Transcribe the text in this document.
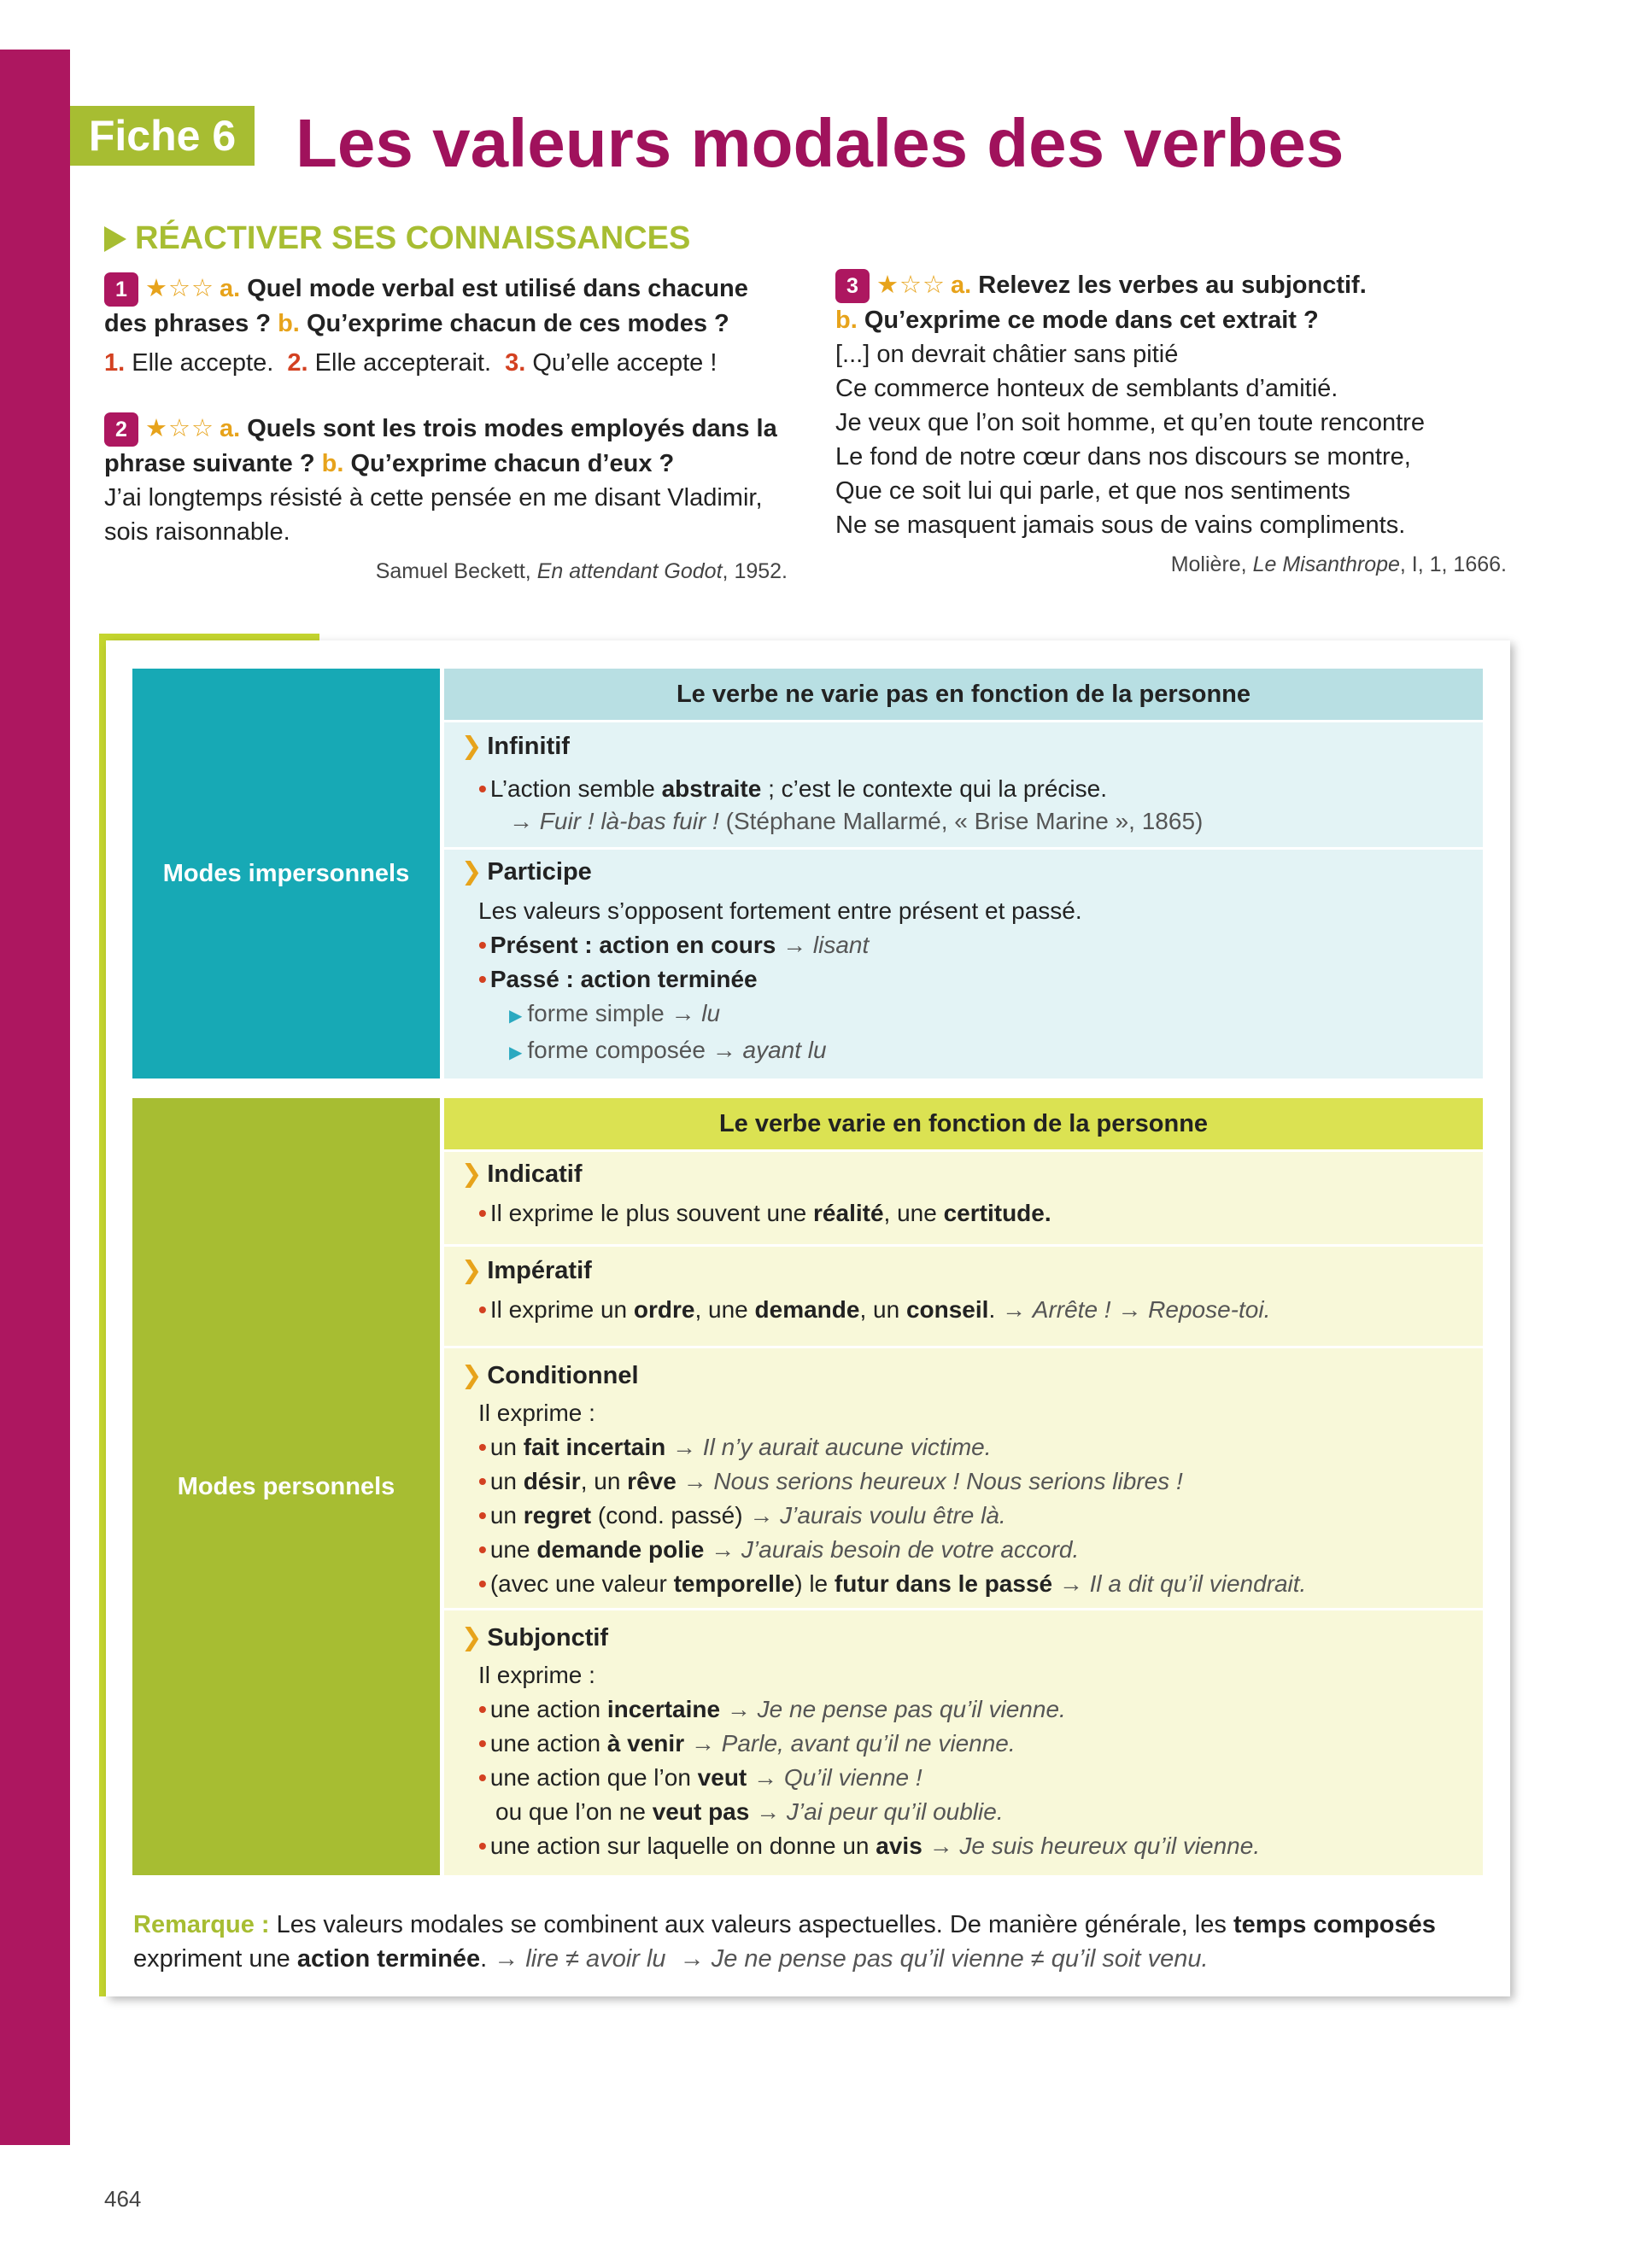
Fiche 6 Les valeurs modales des verbes
RÉACTIVER SES CONNAISSANCES
1 ★☆☆ a. Quel mode verbal est utilisé dans chacune des phrases ? b. Qu’exprime chacun de ces modes ?
1. Elle accepte. 2. Elle accepterait. 3. Qu’elle accepte !
2 ★☆☆ a. Quels sont les trois modes employés dans la phrase suivante ? b. Qu’exprime chacun d’eux ?
J’ai longtemps résisté à cette pensée en me disant Vladimir, sois raisonnable.
Samuel Beckett, En attendant Godot, 1952.
3 ★☆☆ a. Relevez les verbes au subjonctif.
b. Qu’exprime ce mode dans cet extrait ?
[...] on devrait châtier sans pitié
Ce commerce honteux de semblants d’amitié.
Je veux que l’on soit homme, et qu’en toute rencontre
Le fond de notre cœur dans nos discours se montre,
Que ce soit lui qui parle, et que nos sentiments
Ne se masquent jamais sous de vains compliments.
Molière, Le Misanthrope, I, 1, 1666.
Modes impersonnels
Le verbe ne varie pas en fonction de la personne
❯ Infinitif
• L’action semble abstraite ; c’est le contexte qui la précise.
→ Fuir ! là-bas fuir ! (Stéphane Mallarmé, « Brise Marine », 1865)
❯ Participe
Les valeurs s’opposent fortement entre présent et passé.
• Présent : action en cours → lisant
• Passé : action terminée
▶ forme simple → lu
▶ forme composée → ayant lu
Modes personnels
Le verbe varie en fonction de la personne
❯ Indicatif
• Il exprime le plus souvent une réalité, une certitude.
❯ Impératif
• Il exprime un ordre, une demande, un conseil. → Arrête ! → Repose-toi.
❯ Conditionnel
Il exprime :
• un fait incertain → Il n’y aurait aucune victime.
• un désir, un rêve → Nous serions heureux ! Nous serions libres !
• un regret (cond. passé) → J’aurais voulu être là.
• une demande polie → J’aurais besoin de votre accord.
• (avec une valeur temporelle) le futur dans le passé → Il a dit qu’il viendrait.
❯ Subjonctif
Il exprime :
• une action incertaine → Je ne pense pas qu’il vienne.
• une action à venir → Parle, avant qu’il ne vienne.
• une action que l’on veut → Qu’il vienne !
ou que l’on ne veut pas → J’ai peur qu’il oublie.
• une action sur laquelle on donne un avis → Je suis heureux qu’il vienne.
Remarque : Les valeurs modales se combinent aux valeurs aspectuelles. De manière générale, les temps composés expriment une action terminée. → lire ≠ avoir lu → Je ne pense pas qu’il vienne ≠ qu’il soit venu.
464
